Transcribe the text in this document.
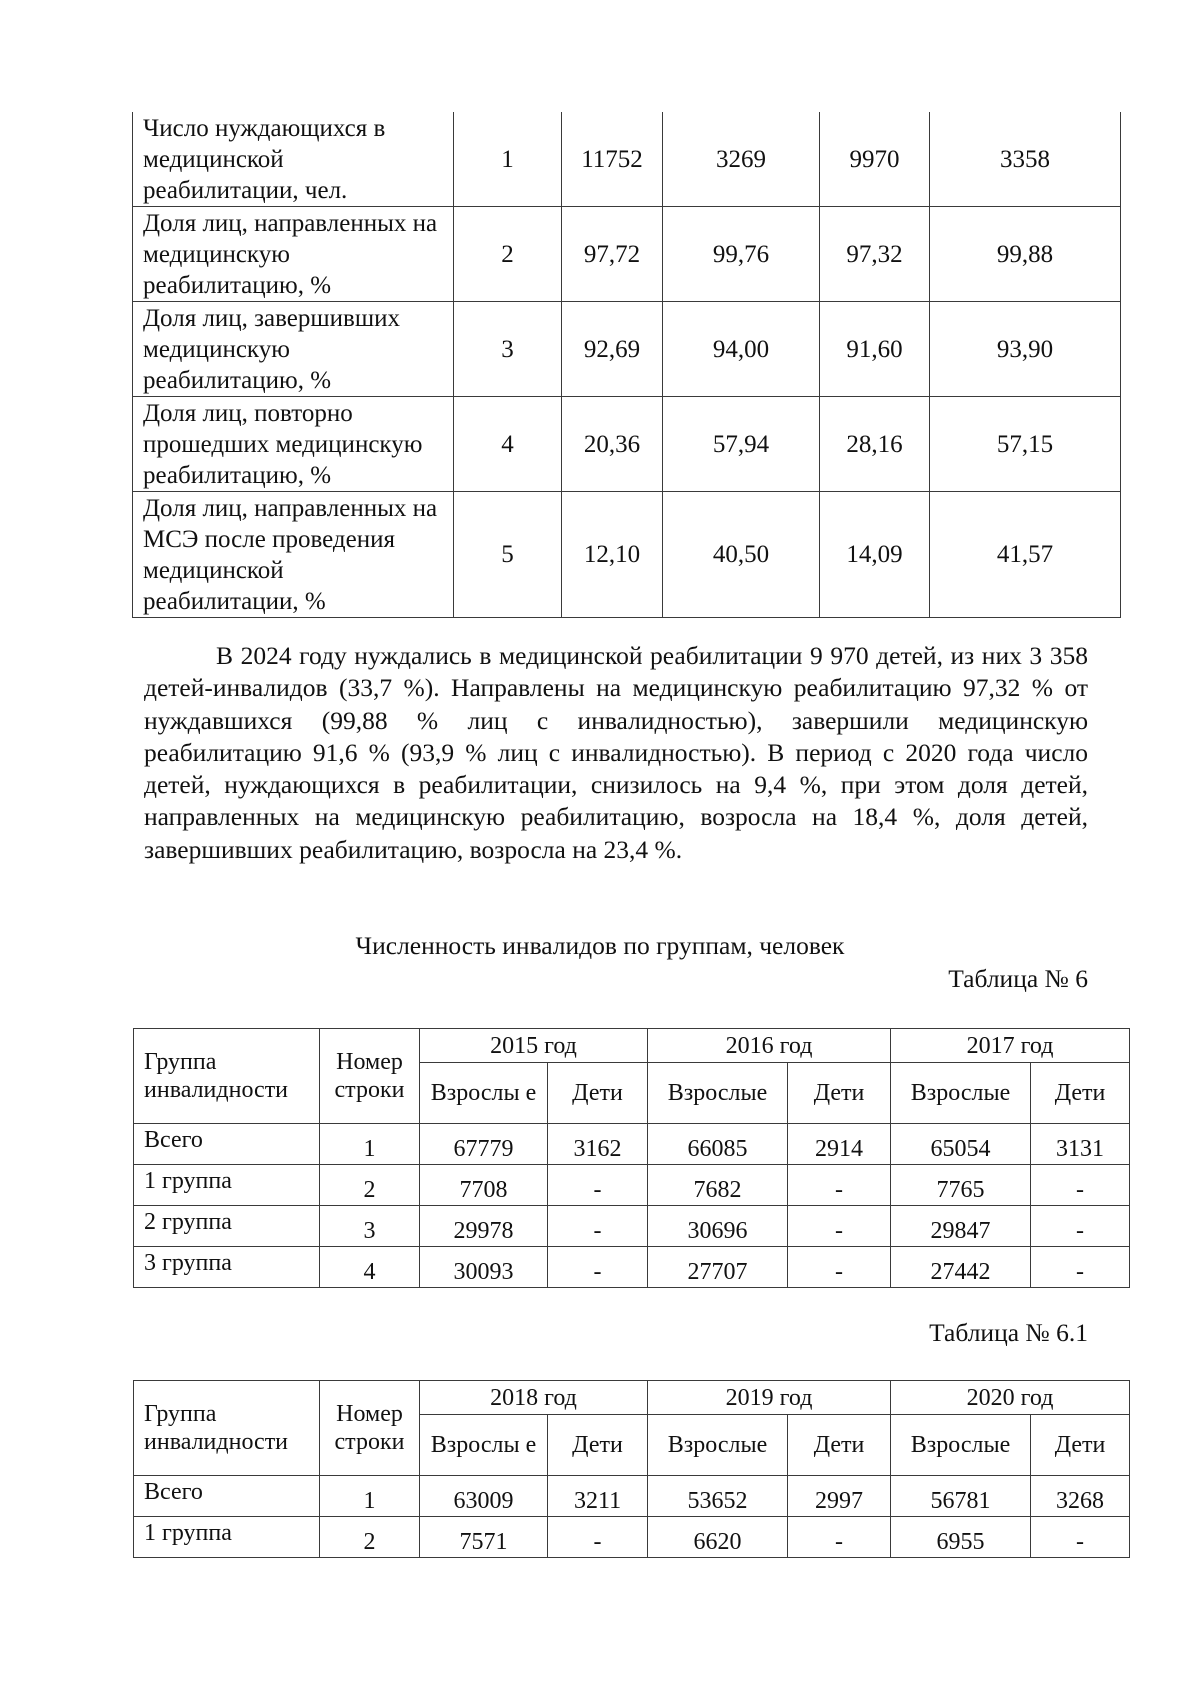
Число нуждающихся в медицинской реабилитации, чел.	1	11752	3269	9970	3358
Доля лиц, направленных на медицинскую реабилитацию, %	2	97,72	99,76	97,32	99,88
Доля лиц, завершивших медицинскую реабилитацию, %	3	92,69	94,00	91,60	93,90
Доля лиц, повторно прошедших медицинскую реабилитацию, %	4	20,36	57,94	28,16	57,15
Доля лиц, направленных на МСЭ после проведения медицинской реабилитации, %	5	12,10	40,50	14,09	41,57

В 2024 году нуждались в медицинской реабилитации 9 970 детей, из них 3 358 детей-инвалидов (33,7 %). Направлены на медицинскую реабилитацию 97,32 % от нуждавшихся (99,88 % лиц с инвалидностью), завершили медицинскую реабилитацию 91,6 % (93,9 % лиц с инвалидностью). В период с 2020 года число детей, нуждающихся в реабилитации, снизилось на 9,4 %, при этом доля детей, направленных на медицинскую реабилитацию, возросла на 18,4 %, доля детей, завершивших реабилитацию, возросла на 23,4 %.

Численность инвалидов по группам, человек
Таблица № 6
Группа инвалидности	Номер строки	2015 год		2016 год		2017 год	
		Взрослы е	Дети	Взрослые	Дети	Взрослые	Дети
Всего	1	67779	3162	66085	2914	65054	3131
1 группа	2	7708	-	7682	-	7765	-
2 группа	3	29978	-	30696	-	29847	-
3 группа	4	30093	-	27707	-	27442	-
Таблица № 6.1
Группа инвалидности	Номер строки	2018 год		2019 год		2020 год	
		Взрослы е	Дети	Взрослые	Дети	Взрослые	Дети
Всего	1	63009	3211	53652	2997	56781	3268
1 группа	2	7571	-	6620	-	6955	-
